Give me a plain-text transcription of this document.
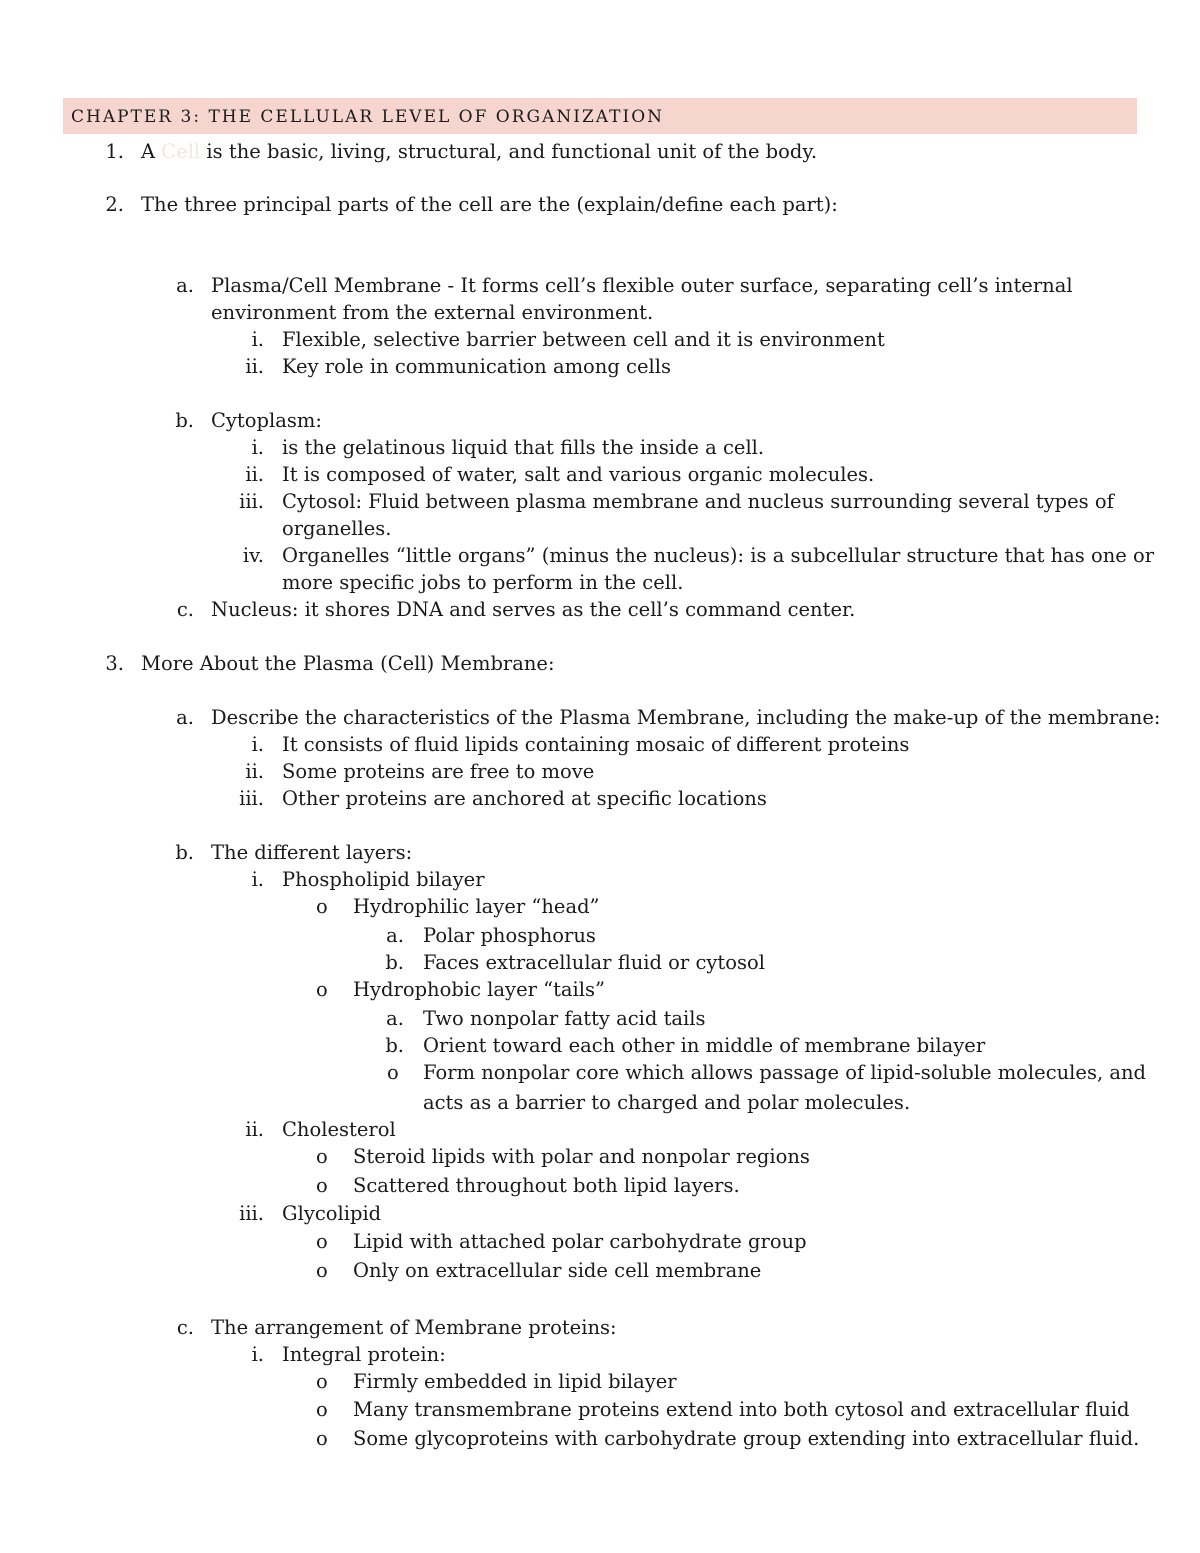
CHAPTER 3: THE CELLULAR LEVEL OF ORGANIZATION
1. A Cell is the basic, living, structural, and functional unit of the body.
2. The three principal parts of the cell are the (explain/define each part):
a. Plasma/Cell Membrane - It forms cell’s flexible outer surface, separating cell’s internal
environment from the external environment.
i. Flexible, selective barrier between cell and it is environment
ii. Key role in communication among cells
b. Cytoplasm:
i. is the gelatinous liquid that fills the inside a cell.
ii. It is composed of water, salt and various organic molecules.
iii. Cytosol: Fluid between plasma membrane and nucleus surrounding several types of
organelles.
iv. Organelles “little organs” (minus the nucleus): is a subcellular structure that has one or
more specific jobs to perform in the cell.
c. Nucleus: it shores DNA and serves as the cell’s command center.
3. More About the Plasma (Cell) Membrane:
a. Describe the characteristics of the Plasma Membrane, including the make-up of the membrane:
i. It consists of fluid lipids containing mosaic of different proteins
ii. Some proteins are free to move
iii. Other proteins are anchored at specific locations
b. The different layers:
i. Phospholipid bilayer
o	Hydrophilic layer “head”
a. Polar phosphorus
b. Faces extracellular fluid or cytosol
o	Hydrophobic layer “tails”
a. Two nonpolar fatty acid tails
b. Orient toward each other in middle of membrane bilayer
o	Form nonpolar core which allows passage of lipid-soluble molecules, and
acts as a barrier to charged and polar molecules.
ii. Cholesterol
o	Steroid lipids with polar and nonpolar regions
o	Scattered throughout both lipid layers.
iii. Glycolipid
o	Lipid with attached polar carbohydrate group
o	Only on extracellular side cell membrane
c. The arrangement of Membrane proteins:
i. Integral protein:
o	Firmly embedded in lipid bilayer
o	Many transmembrane proteins extend into both cytosol and extracellular fluid
o	Some glycoproteins with carbohydrate group extending into extracellular fluid.
